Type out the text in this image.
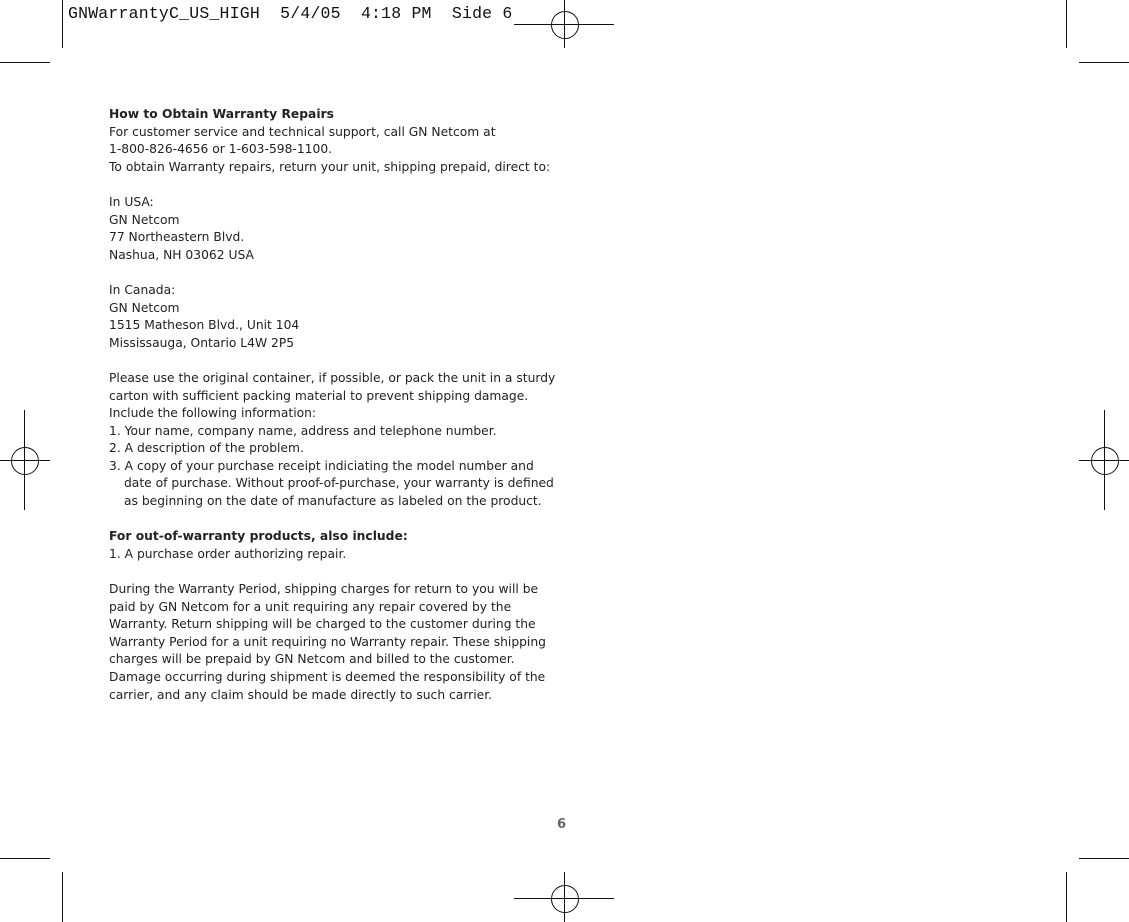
GNWarrantyC_US_HIGH  5/4/05  4:18 PM  Side 6

How to Obtain Warranty Repairs

For customer service and technical support, call GN Netcom at

1-800-826-4656 or 1-603-598-1100.

To obtain Warranty repairs, return your unit, shipping prepaid, direct to:

In USA:

GN Netcom

77 Northeastern Blvd.

Nashua, NH 03062 USA

In Canada:

GN Netcom

1515 Matheson Blvd., Unit 104

Mississauga, Ontario L4W 2P5

Please use the original container, if possible, or pack the unit in a sturdy

carton with sufficient packing material to prevent shipping damage.

Include the following information:

1. Your name, company name, address and telephone number.

2. A description of the problem.

3. A copy of your purchase receipt indiciating the model number and

date of purchase. Without proof-of-purchase, your warranty is defined

as beginning on the date of manufacture as labeled on the product.

For out-of-warranty products, also include:

1. A purchase order authorizing repair.

During the Warranty Period, shipping charges for return to you will be

paid by GN Netcom for a unit requiring any repair covered by the

Warranty. Return shipping will be charged to the customer during the

Warranty Period for a unit requiring no Warranty repair. These shipping

charges will be prepaid by GN Netcom and billed to the customer.

Damage occurring during shipment is deemed the responsibility of the

carrier, and any claim should be made directly to such carrier.

6
